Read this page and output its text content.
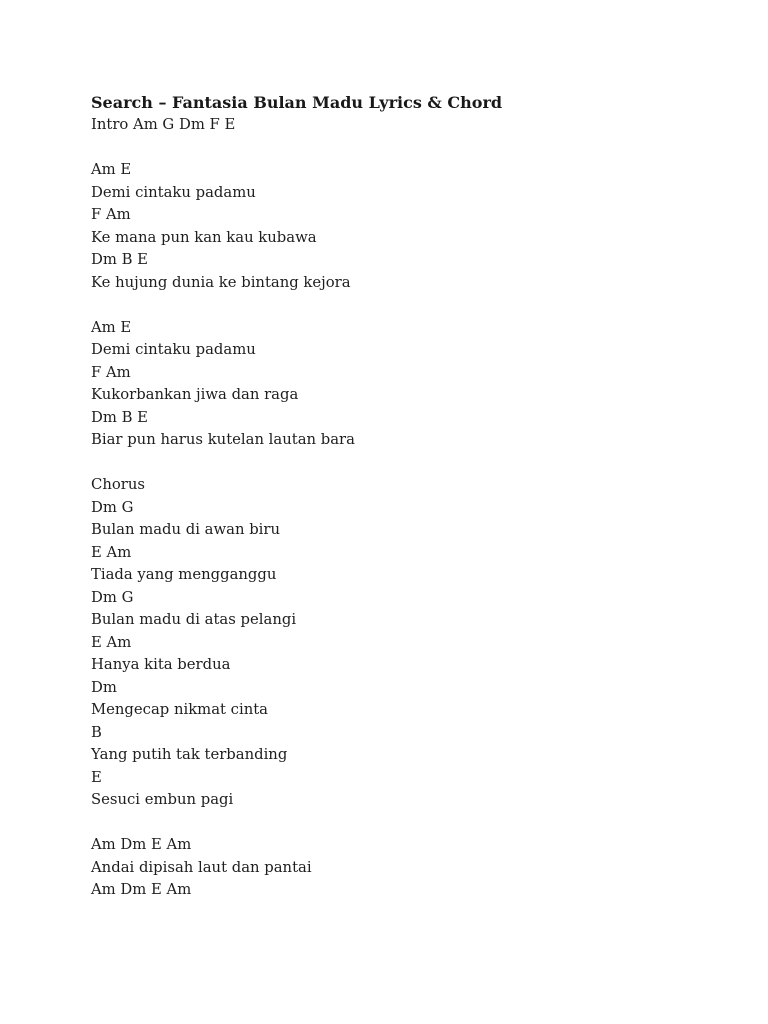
Search – Fantasia Bulan Madu Lyrics & Chord

Intro Am G Dm F E

Am E

Demi cintaku padamu

F Am

Ke mana pun kan kau kubawa

Dm B E

Ke hujung dunia ke bintang kejora

Am E

Demi cintaku padamu

F Am

Kukorbankan jiwa dan raga

Dm B E

Biar pun harus kutelan lautan bara

Chorus

Dm G

Bulan madu di awan biru

E Am

Tiada yang mengganggu

Dm G

Bulan madu di atas pelangi

E Am

Hanya kita berdua

Dm

Mengecap nikmat cinta

B

Yang putih tak terbanding

E

Sesuci embun pagi

Am Dm E Am

Andai dipisah laut dan pantai

Am Dm E Am
